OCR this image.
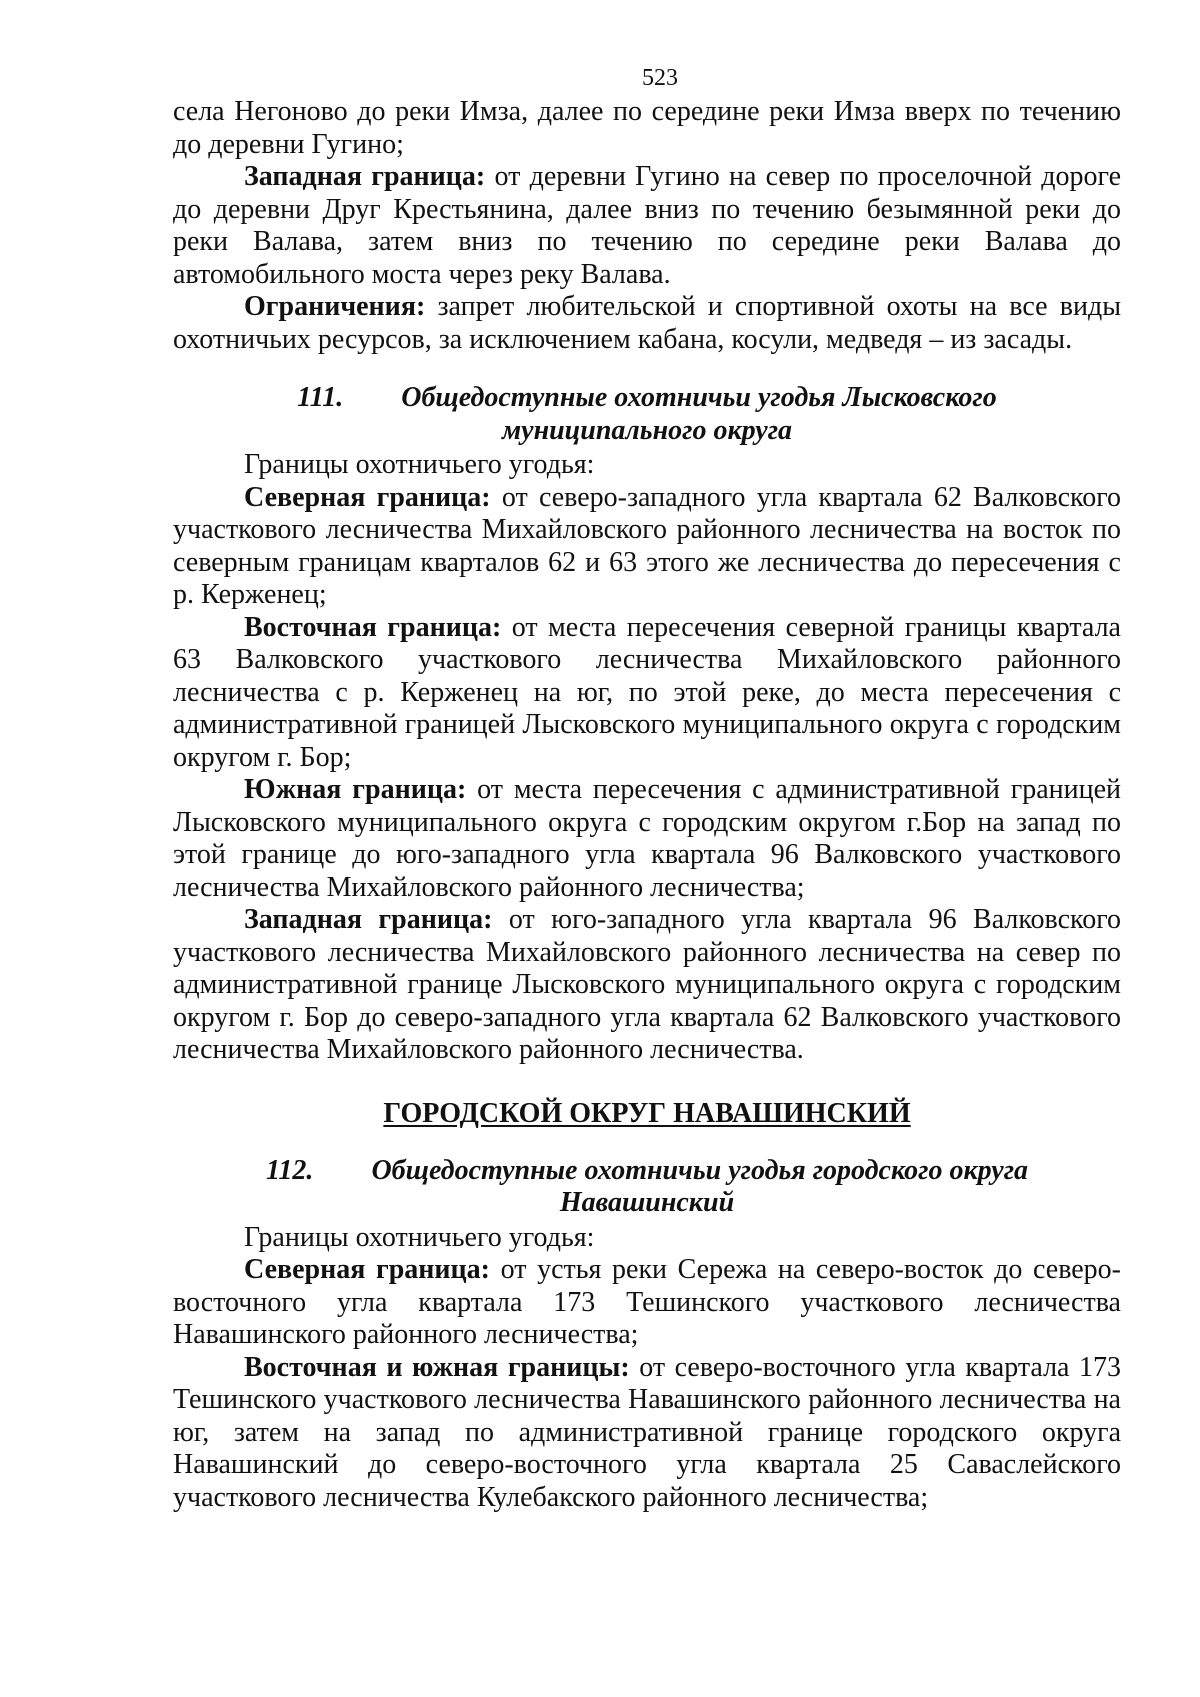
523

села Негоново до реки Имза, далее по середине реки Имза вверх по течению до деревни Гугино;

Западная граница: от деревни Гугино на север по проселочной дороге до деревни Друг Крестьянина, далее вниз по течению безымянной реки до реки Валава, затем вниз по течению по середине реки Валава до автомобильного моста через реку Валава.

Ограничения: запрет любительской и спортивной охоты на все виды охотничьих ресурсов, за исключением кабана, косули, медведя – из засады.

111. Общедоступные охотничьи угодья Лысковского
муниципального округа

Границы охотничьего угодья:

Северная граница: от северо-западного угла квартала 62 Валковского участкового лесничества Михайловского районного лесничества на восток по северным границам кварталов 62 и 63 этого же лесничества до пересечения с р. Керженец;

Восточная граница: от места пересечения северной границы квартала 63 Валковского участкового лесничества Михайловского районного лесничества с р. Керженец на юг, по этой реке, до места пересечения с административной границей Лысковского муниципального округа с городским округом г. Бор;

Южная граница: от места пересечения с административной границей Лысковского муниципального округа с городским округом г.Бор на запад по этой границе до юго-западного угла квартала 96 Валковского участкового лесничества Михайловского районного лесничества;

Западная граница: от юго-западного угла квартала 96 Валковского участкового лесничества Михайловского районного лесничества на север по административной границе Лысковского муниципального округа с городским округом г. Бор до северо-западного угла квартала 62 Валковского участкового лесничества Михайловского районного лесничества.

ГОРОДСКОЙ ОКРУГ НАВАШИНСКИЙ
112. Общедоступные охотничьи угодья городского округа
Навашинский

Границы охотничьего угодья:

Северная граница: от устья реки Сережа на северо-восток до северо-восточного угла квартала 173 Тешинского участкового лесничества Навашинского районного лесничества;

Восточная и южная границы: от северо-восточного угла квартала 173 Тешинского участкового лесничества Навашинского районного лесничества на юг, затем на запад по административной границе городского округа Навашинский до северо-восточного угла квартала 25 Саваслейского участкового лесничества Кулебакского районного лесничества;
